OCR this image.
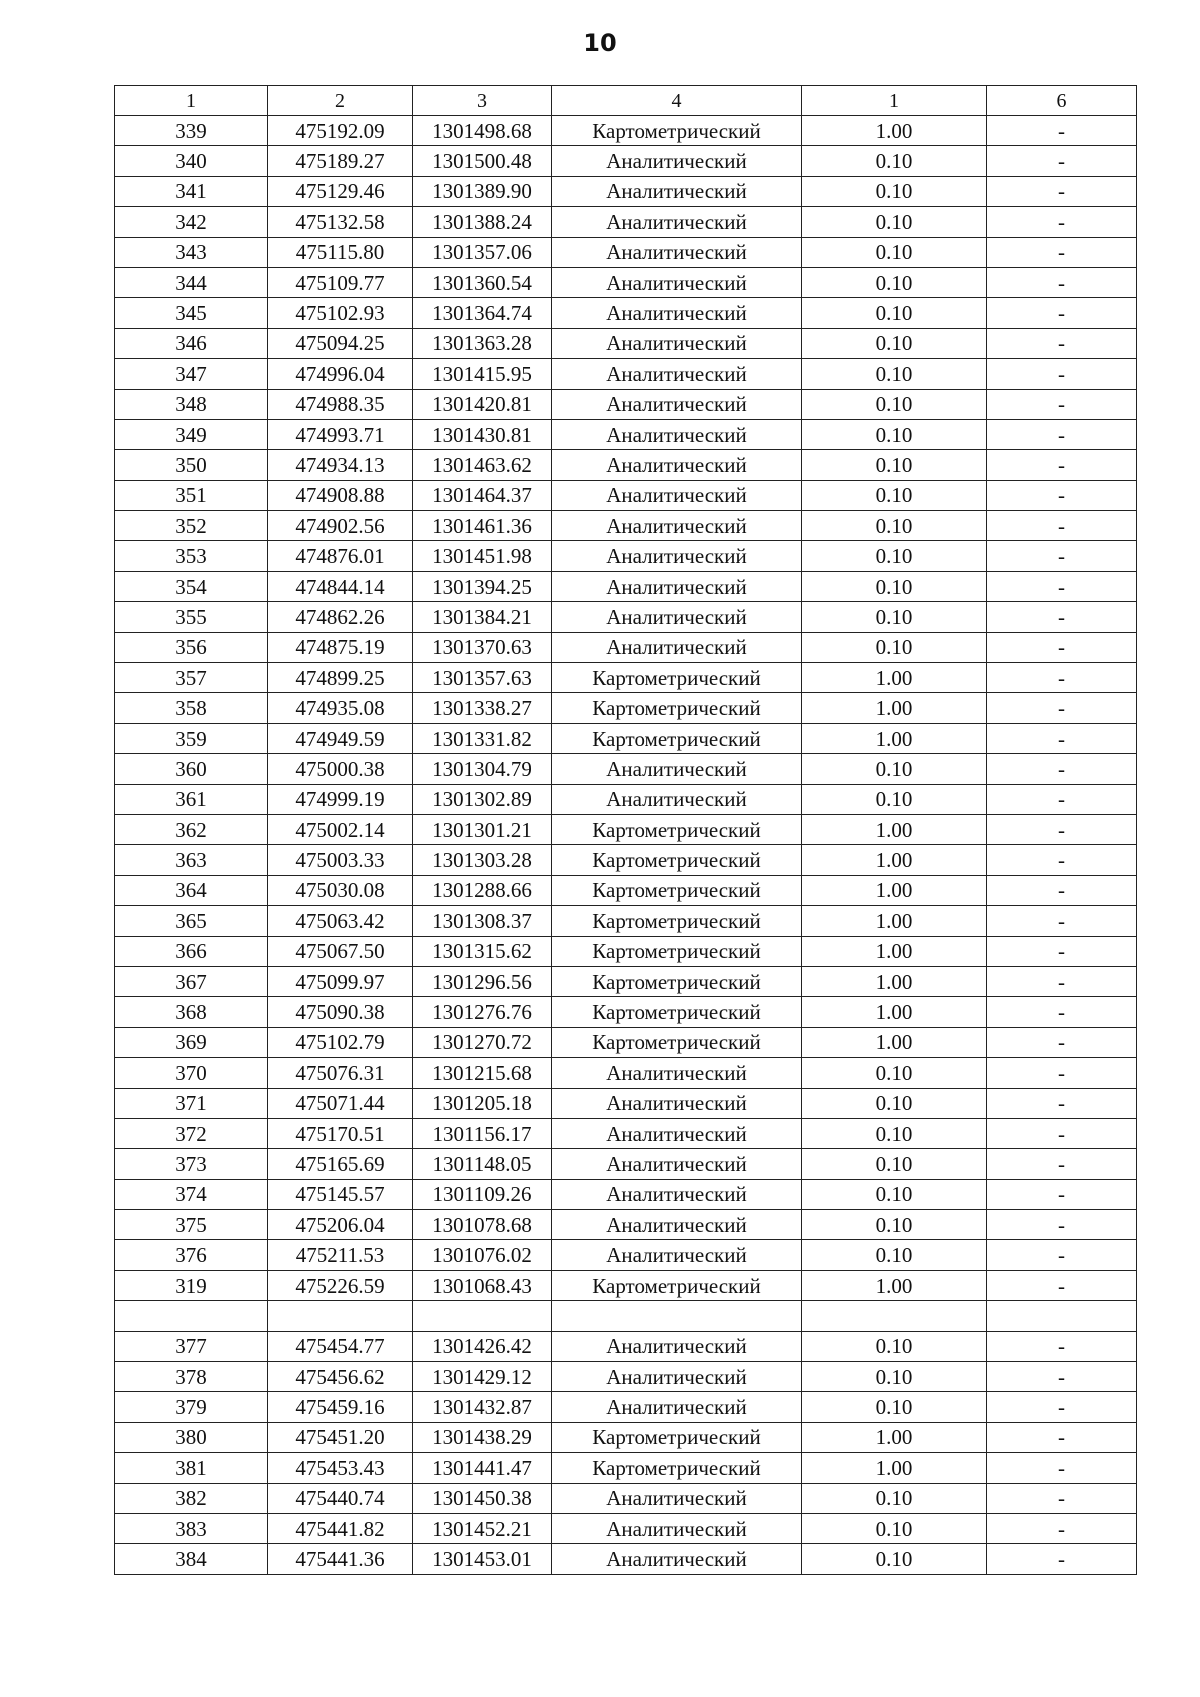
10
1	2	3	4	1	6
339	475192.09	1301498.68	Картометрический	1.00	-
340	475189.27	1301500.48	Аналитический	0.10	-
341	475129.46	1301389.90	Аналитический	0.10	-
342	475132.58	1301388.24	Аналитический	0.10	-
343	475115.80	1301357.06	Аналитический	0.10	-
344	475109.77	1301360.54	Аналитический	0.10	-
345	475102.93	1301364.74	Аналитический	0.10	-
346	475094.25	1301363.28	Аналитический	0.10	-
347	474996.04	1301415.95	Аналитический	0.10	-
348	474988.35	1301420.81	Аналитический	0.10	-
349	474993.71	1301430.81	Аналитический	0.10	-
350	474934.13	1301463.62	Аналитический	0.10	-
351	474908.88	1301464.37	Аналитический	0.10	-
352	474902.56	1301461.36	Аналитический	0.10	-
353	474876.01	1301451.98	Аналитический	0.10	-
354	474844.14	1301394.25	Аналитический	0.10	-
355	474862.26	1301384.21	Аналитический	0.10	-
356	474875.19	1301370.63	Аналитический	0.10	-
357	474899.25	1301357.63	Картометрический	1.00	-
358	474935.08	1301338.27	Картометрический	1.00	-
359	474949.59	1301331.82	Картометрический	1.00	-
360	475000.38	1301304.79	Аналитический	0.10	-
361	474999.19	1301302.89	Аналитический	0.10	-
362	475002.14	1301301.21	Картометрический	1.00	-
363	475003.33	1301303.28	Картометрический	1.00	-
364	475030.08	1301288.66	Картометрический	1.00	-
365	475063.42	1301308.37	Картометрический	1.00	-
366	475067.50	1301315.62	Картометрический	1.00	-
367	475099.97	1301296.56	Картометрический	1.00	-
368	475090.38	1301276.76	Картометрический	1.00	-
369	475102.79	1301270.72	Картометрический	1.00	-
370	475076.31	1301215.68	Аналитический	0.10	-
371	475071.44	1301205.18	Аналитический	0.10	-
372	475170.51	1301156.17	Аналитический	0.10	-
373	475165.69	1301148.05	Аналитический	0.10	-
374	475145.57	1301109.26	Аналитический	0.10	-
375	475206.04	1301078.68	Аналитический	0.10	-
376	475211.53	1301076.02	Аналитический	0.10	-
319	475226.59	1301068.43	Картометрический	1.00	-

377	475454.77	1301426.42	Аналитический	0.10	-
378	475456.62	1301429.12	Аналитический	0.10	-
379	475459.16	1301432.87	Аналитический	0.10	-
380	475451.20	1301438.29	Картометрический	1.00	-
381	475453.43	1301441.47	Картометрический	1.00	-
382	475440.74	1301450.38	Аналитический	0.10	-
383	475441.82	1301452.21	Аналитический	0.10	-
384	475441.36	1301453.01	Аналитический	0.10	-
